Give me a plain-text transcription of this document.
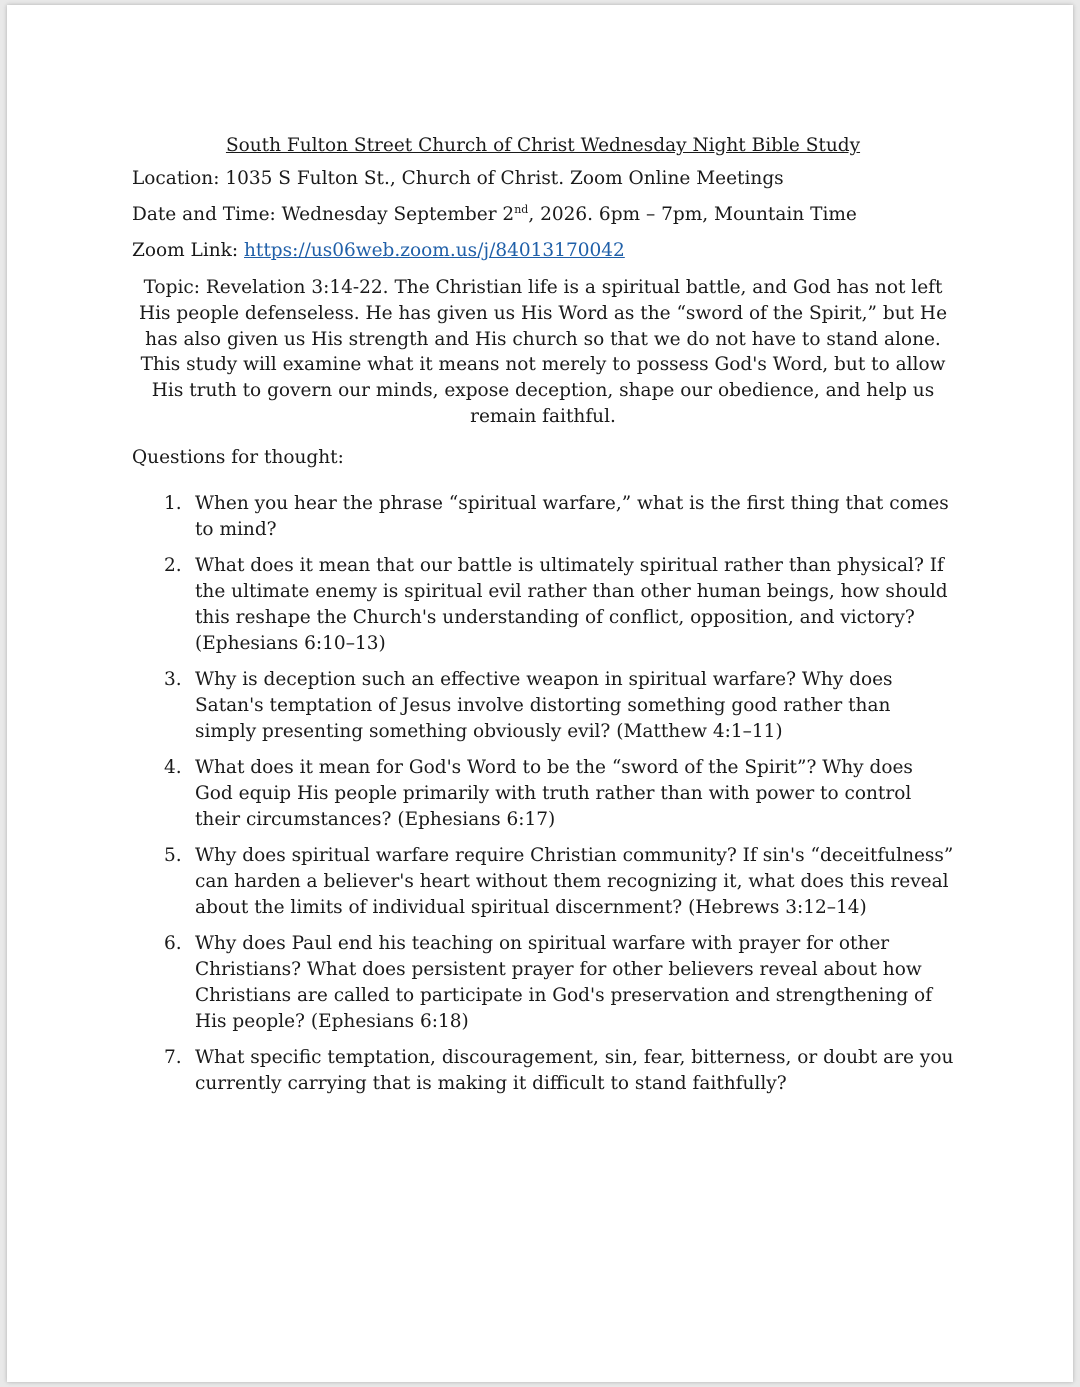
South Fulton Street Church of Christ Wednesday Night Bible Study

Location: 1035 S Fulton St., Church of Christ. Zoom Online Meetings

Date and Time: Wednesday September 2nd, 2026. 6pm – 7pm, Mountain Time

Zoom Link: https://us06web.zoom.us/j/84013170042

Topic: Revelation 3:14-22. The Christian life is a spiritual battle, and God has not left His people defenseless. He has given us His Word as the “sword of the Spirit,” but He has also given us His strength and His church so that we do not have to stand alone. This study will examine what it means not merely to possess God's Word, but to allow His truth to govern our minds, expose deception, shape our obedience, and help us remain faithful.

Questions for thought:

1. When you hear the phrase “spiritual warfare,” what is the first thing that comes to mind?
2. What does it mean that our battle is ultimately spiritual rather than physical? If the ultimate enemy is spiritual evil rather than other human beings, how should this reshape the Church's understanding of conflict, opposition, and victory? (Ephesians 6:10–13)
3. Why is deception such an effective weapon in spiritual warfare? Why does Satan's temptation of Jesus involve distorting something good rather than simply presenting something obviously evil? (Matthew 4:1–11)
4. What does it mean for God's Word to be the “sword of the Spirit”? Why does God equip His people primarily with truth rather than with power to control their circumstances? (Ephesians 6:17)
5. Why does spiritual warfare require Christian community? If sin's “deceitfulness” can harden a believer's heart without them recognizing it, what does this reveal about the limits of individual spiritual discernment? (Hebrews 3:12–14)
6. Why does Paul end his teaching on spiritual warfare with prayer for other Christians? What does persistent prayer for other believers reveal about how Christians are called to participate in God's preservation and strengthening of His people? (Ephesians 6:18)
7. What specific temptation, discouragement, sin, fear, bitterness, or doubt are you currently carrying that is making it difficult to stand faithfully?
